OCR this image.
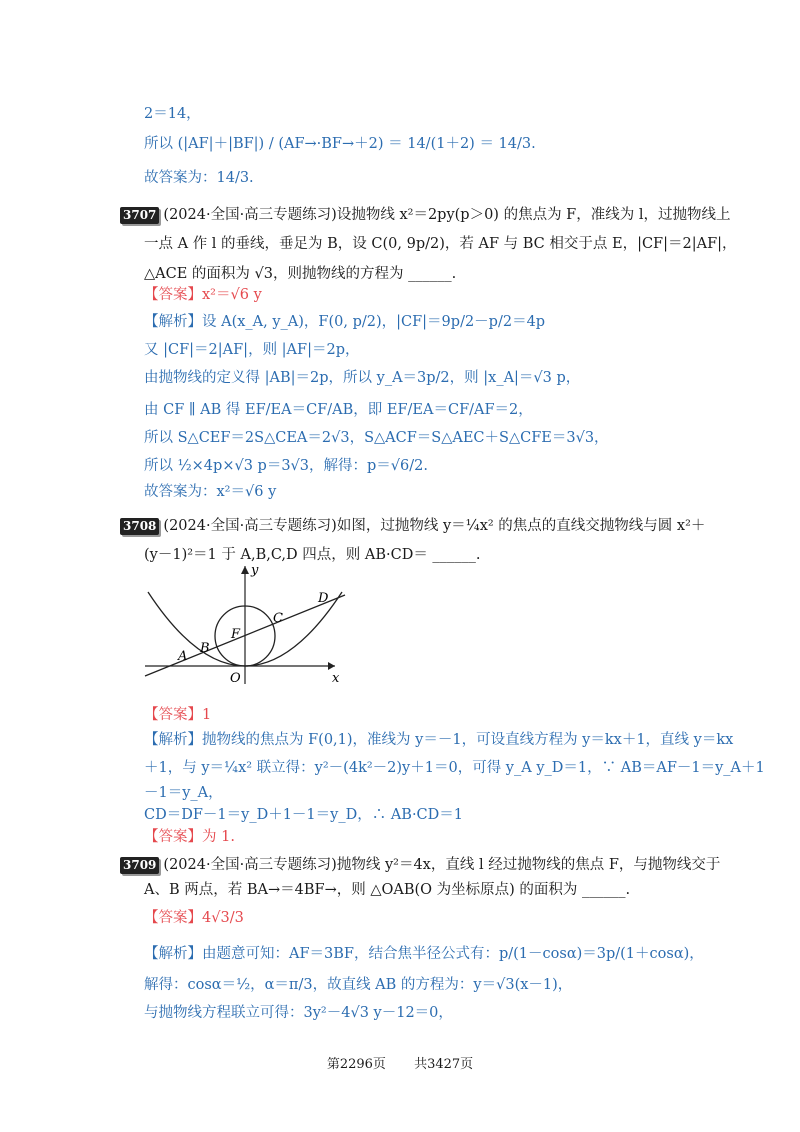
2＝14，
所以 (|AF|＋|BF|) / (AF→·BF→＋2) ＝ 14/(1＋2) ＝ 14/3.
故答案为：14/3.
3707 (2024·全国·高三专题练习)设抛物线 x²＝2py(p＞0) 的焦点为 F，准线为 l，过抛物线上
一点 A 作 l 的垂线，垂足为 B，设 C(0, 9p/2)，若 AF 与 BC 相交于点 E，|CF|＝2|AF|，
△ACE 的面积为 √3，则抛物线的方程为 ______.
【答案】x²＝√6 y
【解析】设 A(x_A, y_A)，F(0, p/2)，|CF|＝9p/2－p/2＝4p
又 |CF|＝2|AF|，则 |AF|＝2p，
由抛物线的定义得 |AB|＝2p，所以 y_A＝3p/2，则 |x_A|＝√3 p，
由 CF ∥ AB 得 EF/EA＝CF/AB，即 EF/EA＝CF/AF＝2，
所以 S△CEF＝2S△CEA＝2√3，S△ACF＝S△AEC＋S△CFE＝3√3，
所以 ½×4p×√3 p＝3√3，解得：p＝√6/2.
故答案为：x²＝√6 y
3708 (2024·全国·高三专题练习)如图，过抛物线 y＝¼x² 的焦点的直线交抛物线与圆 x²＋
(y－1)²＝1 于 A,B,C,D 四点，则 AB·CD＝ ______.
x
y
O
A
B
C
D
F
【答案】1
【解析】抛物线的焦点为 F(0,1)，准线为 y＝－1，可设直线方程为 y＝kx＋1，直线 y＝kx
＋1，与 y＝¼x² 联立得：y²－(4k²－2)y＋1＝0，可得 y_A y_D＝1，∵ AB＝AF－1＝y_A＋1
－1＝y_A，
CD＝DF－1＝y_D＋1－1＝y_D，∴ AB·CD＝1
【答案】为 1.
3709 (2024·全国·高三专题练习)抛物线 y²＝4x，直线 l 经过抛物线的焦点 F，与抛物线交于
A、B 两点，若 BA→＝4BF→，则 △OAB(O 为坐标原点) 的面积为 ______.
【答案】4√3/3
【解析】由题意可知：AF＝3BF，结合焦半径公式有：p/(1－cosα)＝3p/(1＋cosα)，
解得：cosα＝½，α＝π/3，故直线 AB 的方程为：y＝√3(x－1)，
与抛物线方程联立可得：3y²－4√3 y－12＝0，
第2296页 共3427页
